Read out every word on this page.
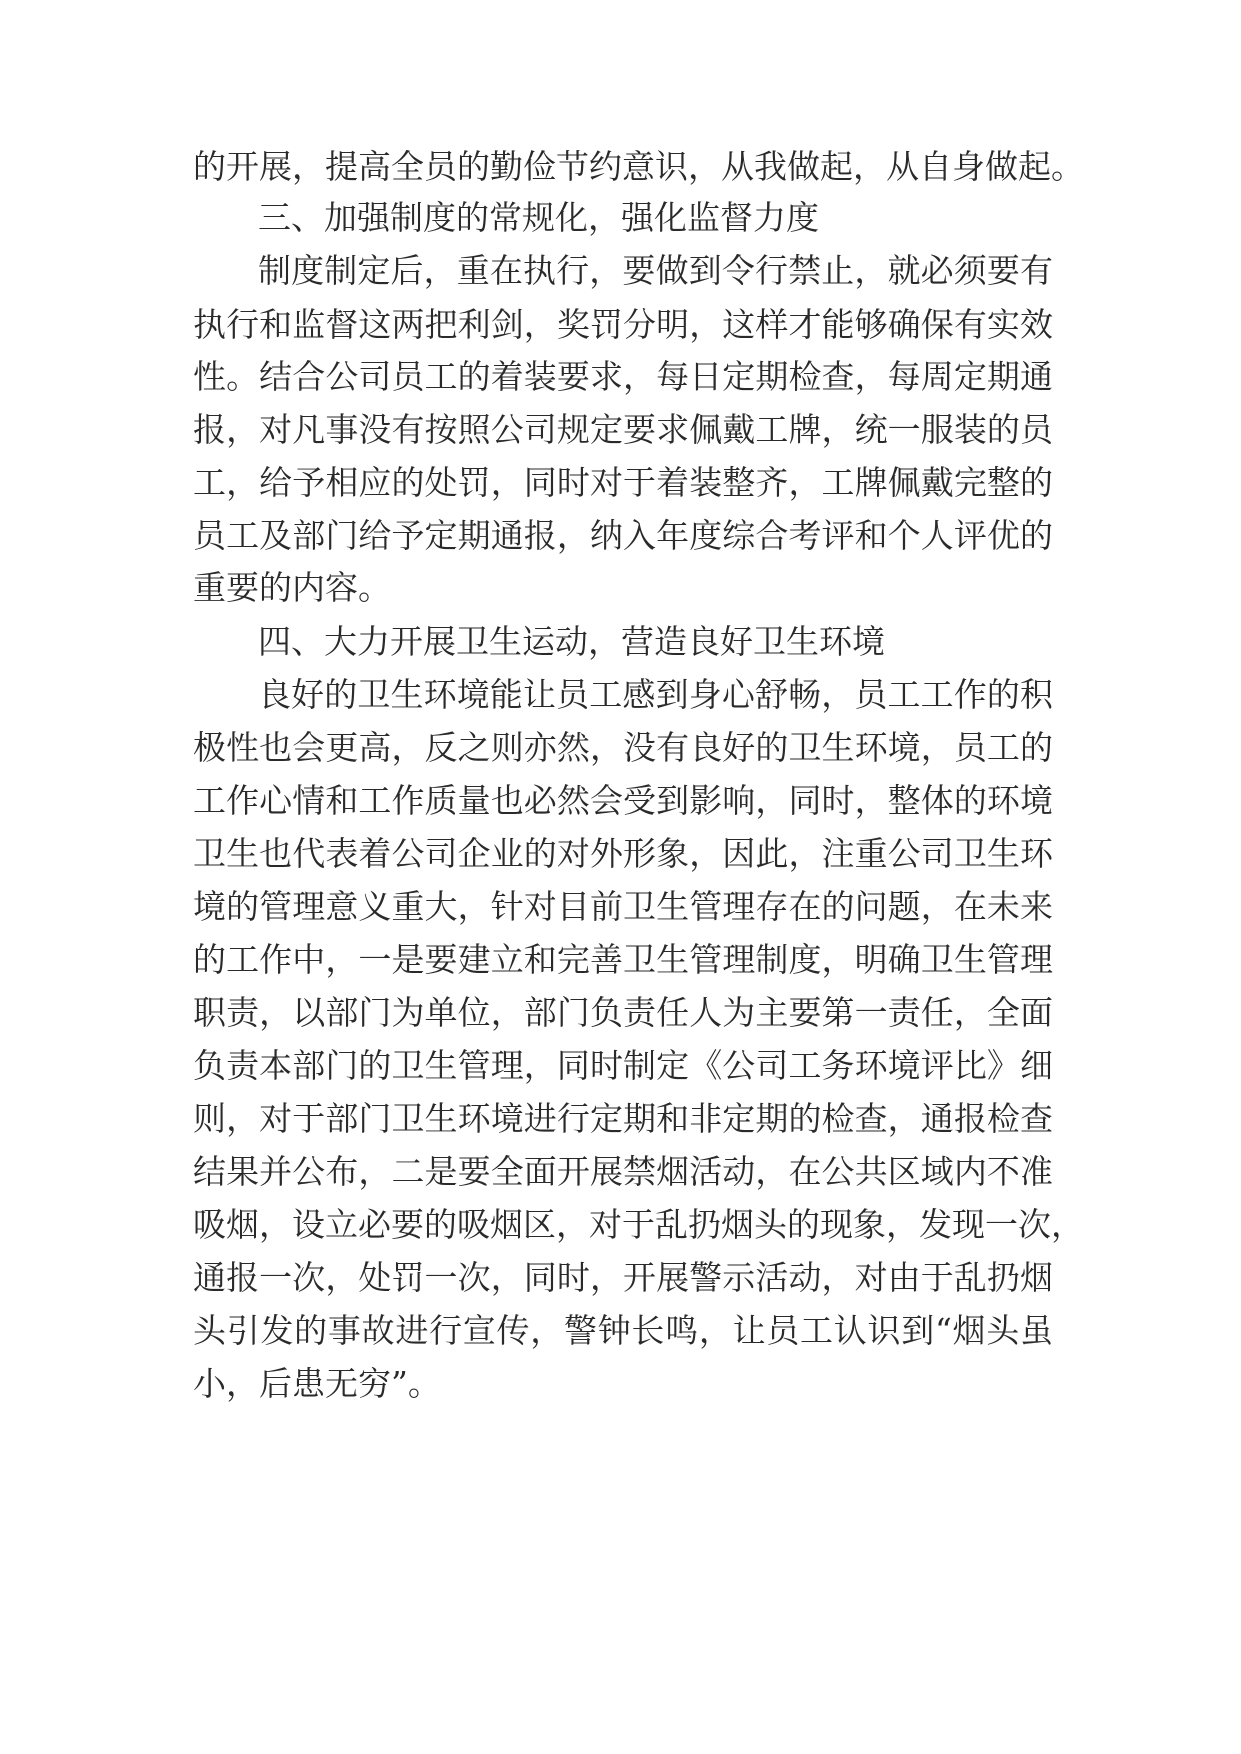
的开展，提高全员的勤俭节约意识，从我做起，从自身做起。
三、加强制度的常规化，强化监督力度
制度制定后，重在执行，要做到令行禁止，就必须要有
执行和监督这两把利剑，奖罚分明，这样才能够确保有实效
性。结合公司员工的着装要求，每日定期检查，每周定期通
报，对凡事没有按照公司规定要求佩戴工牌，统一服装的员
工，给予相应的处罚，同时对于着装整齐，工牌佩戴完整的
员工及部门给予定期通报，纳入年度综合考评和个人评优的
重要的内容。
四、大力开展卫生运动，营造良好卫生环境
良好的卫生环境能让员工感到身心舒畅，员工工作的积
极性也会更高，反之则亦然，没有良好的卫生环境，员工的
工作心情和工作质量也必然会受到影响，同时，整体的环境
卫生也代表着公司企业的对外形象，因此，注重公司卫生环
境的管理意义重大，针对目前卫生管理存在的问题，在未来
的工作中，一是要建立和完善卫生管理制度，明确卫生管理
职责，以部门为单位，部门负责任人为主要第一责任，全面
负责本部门的卫生管理，同时制定《公司工务环境评比》细
则，对于部门卫生环境进行定期和非定期的检查，通报检查
结果并公布，二是要全面开展禁烟活动，在公共区域内不准
吸烟，设立必要的吸烟区，对于乱扔烟头的现象，发现一次，
通报一次，处罚一次，同时，开展警示活动，对由于乱扔烟
头引发的事故进行宣传，警钟长鸣，让员工认识到“烟头虽
小，后患无穷”。
